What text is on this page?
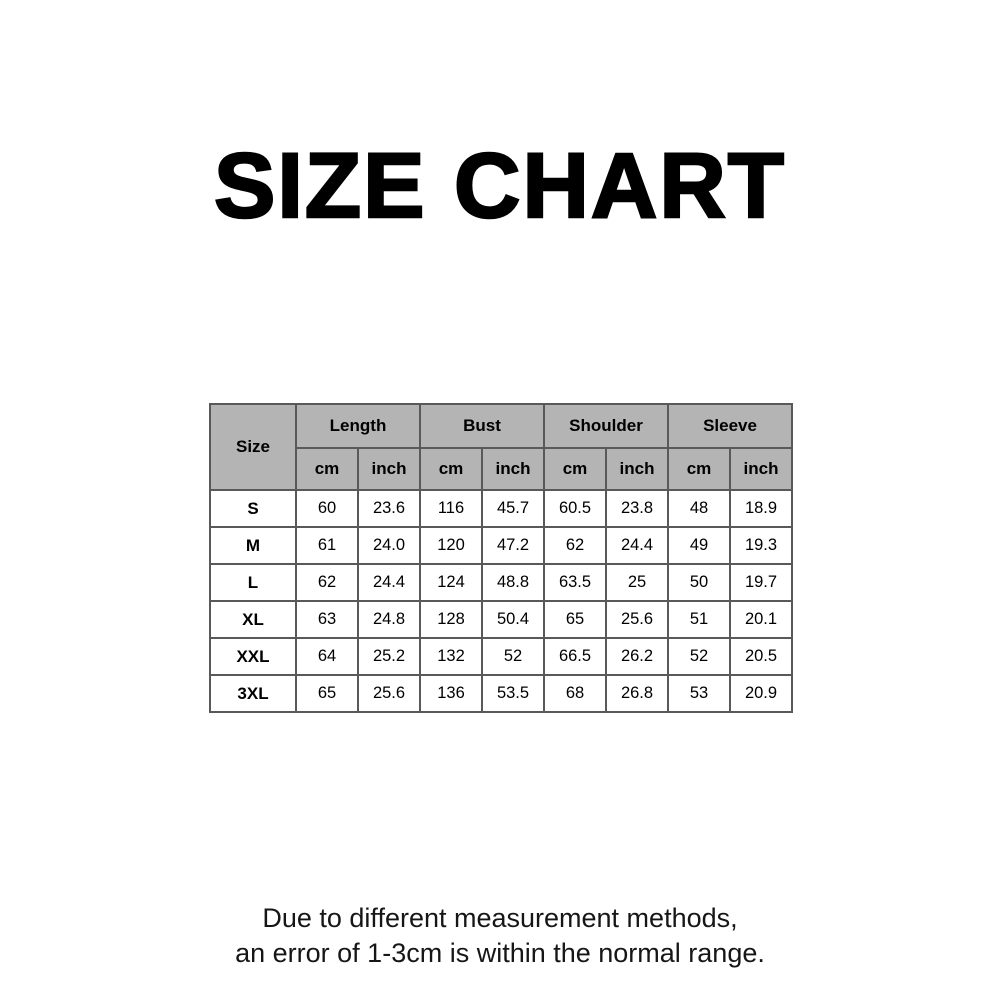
SIZE CHART
Size	Length		Bust		Shoulder		Sleeve	
	cm	inch	cm	inch	cm	inch	cm	inch
S	60	23.6	116	45.7	60.5	23.8	48	18.9
M	61	24.0	120	47.2	62	24.4	49	19.3
L	62	24.4	124	48.8	63.5	25	50	19.7
XL	63	24.8	128	50.4	65	25.6	51	20.1
XXL	64	25.2	132	52	66.5	26.2	52	20.5
3XL	65	25.6	136	53.5	68	26.8	53	20.9
Due to different measurement methods,
an error of 1-3cm is within the normal range.
